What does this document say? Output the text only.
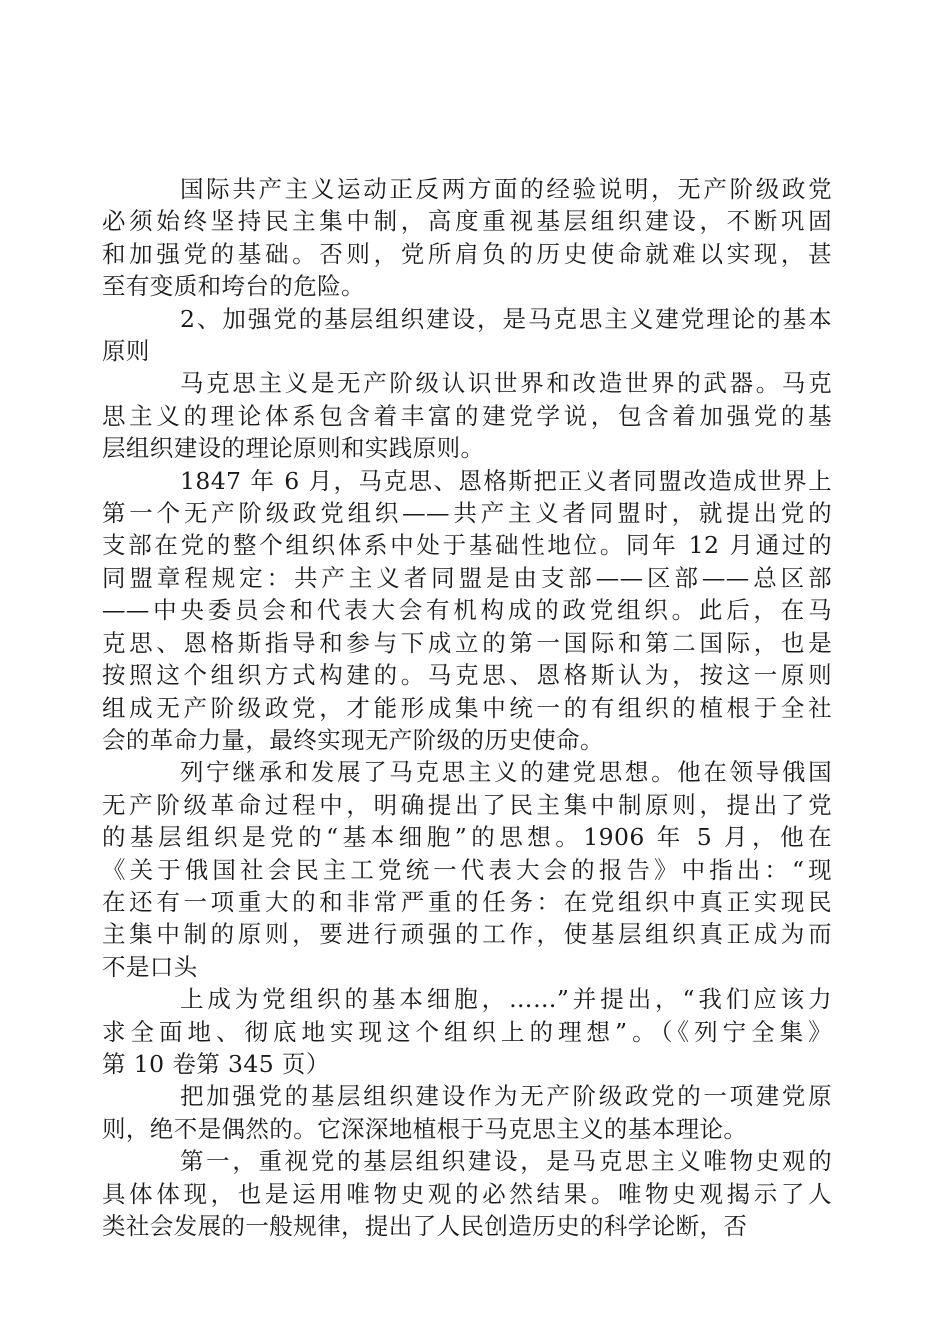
国际共产主义运动正反两方面的经验说明，无产阶级政党
必须始终坚持民主集中制，高度重视基层组织建设，不断巩固
和加强党的基础。否则，党所肩负的历史使命就难以实现，甚
至有变质和垮台的危险。

2、加强党的基层组织建设，是马克思主义建党理论的基本
原则

马克思主义是无产阶级认识世界和改造世界的武器。马克
思主义的理论体系包含着丰富的建党学说，包含着加强党的基
层组织建设的理论原则和实践原则。

1847 年 6 月，马克思、恩格斯把正义者同盟改造成世界上
第一个无产阶级政党组织——共产主义者同盟时，就提出党的
支部在党的整个组织体系中处于基础性地位。同年 12 月通过的
同盟章程规定：共产主义者同盟是由支部——区部——总区部
——中央委员会和代表大会有机构成的政党组织。此后，在马
克思、恩格斯指导和参与下成立的第一国际和第二国际，也是
按照这个组织方式构建的。马克思、恩格斯认为，按这一原则
组成无产阶级政党，才能形成集中统一的有组织的植根于全社
会的革命力量，最终实现无产阶级的历史使命。

列宁继承和发展了马克思主义的建党思想。他在领导俄国
无产阶级革命过程中，明确提出了民主集中制原则，提出了党
的基层组织是党的“基本细胞”的思想。1906 年 5 月，他在
《关于俄国社会民主工党统一代表大会的报告》中指出：“现
在还有一项重大的和非常严重的任务：在党组织中真正实现民
主集中制的原则，要进行顽强的工作，使基层组织真正成为而
不是口头

上成为党组织的基本细胞，……”并提出，“我们应该力
求全面地、彻底地实现这个组织上的理想”。（《列宁全集》
第 10 卷第 345 页）

把加强党的基层组织建设作为无产阶级政党的一项建党原
则，绝不是偶然的。它深深地植根于马克思主义的基本理论。

第一，重视党的基层组织建设，是马克思主义唯物史观的
具体体现，也是运用唯物史观的必然结果。唯物史观揭示了人
类社会发展的一般规律，提出了人民创造历史的科学论断，否
